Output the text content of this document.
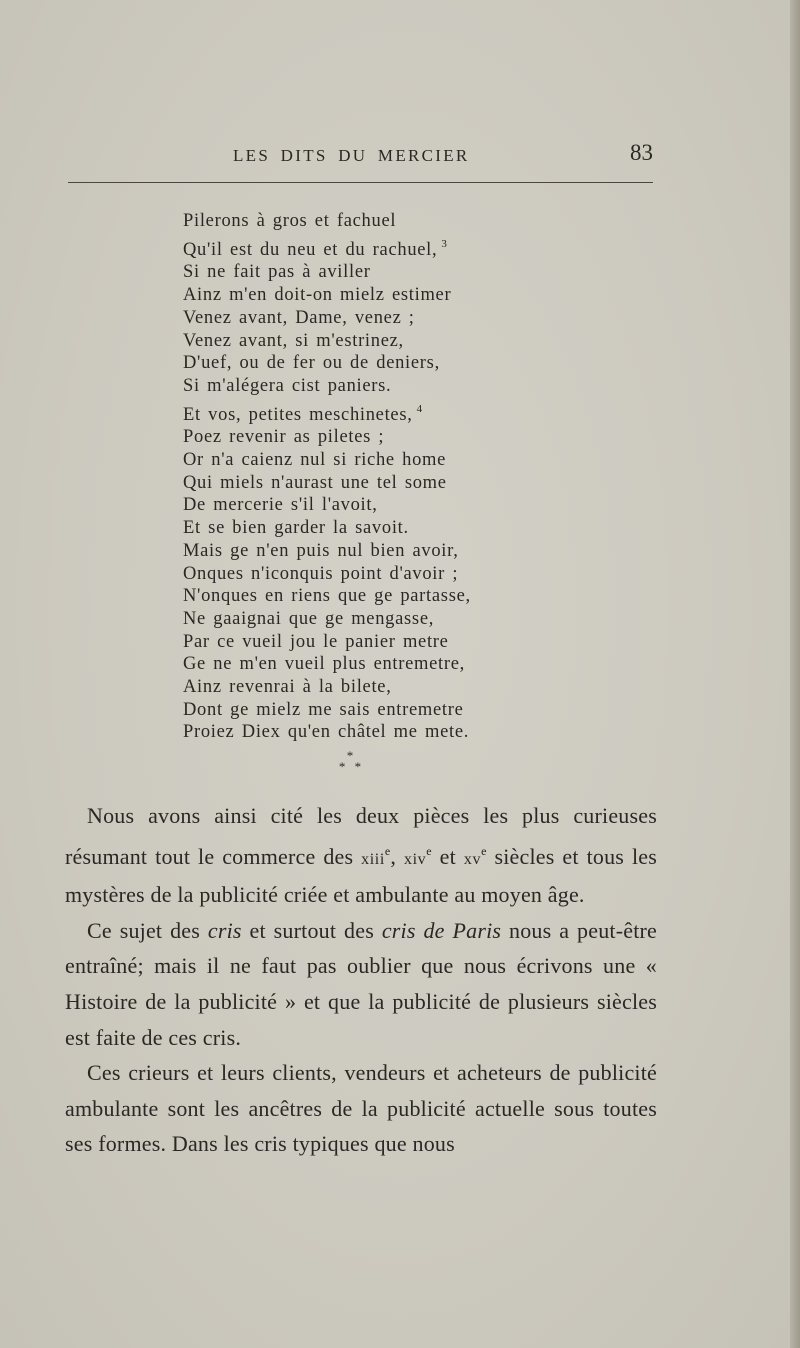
LES DITS DU MERCIER	83
Pilerons à gros et fachuel
Qu'il est du neu et du rachuel, $^3$
Si ne fait pas à aviller
Ainz m'en doit-on mielz estimer
Venez avant, Dame, venez ;
Venez avant, si m'estrinez,
D'uef, ou de fer ou de deniers,
Si m'alégera cist paniers.
Et vos, petites meschinetes, $^4$
Poez revenir as piletes ;
Or n'a caienz nul si riche home
Qui miels n'aurast une tel some
De mercerie s'il l'avoit,
Et se bien garder la savoit.
Mais ge n'en puis nul bien avoir,
Onques n'iconquis point d'avoir ;
N'onques en riens que ge partasse,
Ne gaaignai que ge mengasse,
Par ce vueil jou le panier metre
Ge ne m'en vueil plus entremetre,
Ainz revenrai à la bilete,
Dont ge mielz me sais entremetre
Proiez Diex qu'en châtel me mete.
*
* *

Nous avons ainsi cité les deux pièces les plus curieuses résumant tout le commerce des xiii$^e$, xiv$^e$ et $xv^e$ siècles et tous les mystères de la publicité criée et ambulante au moyen âge.

Ce sujet des cris et surtout des cris de Paris nous a peut-être entraîné; mais il ne faut pas oublier que nous écrivons une « Histoire de la publicité » et que la publicité de plusieurs siècles est faite de ces cris.

Ces crieurs et leurs clients, vendeurs et acheteurs de publicité ambulante sont les ancêtres de la publicité actuelle sous toutes ses formes. Dans les cris typiques que nous
